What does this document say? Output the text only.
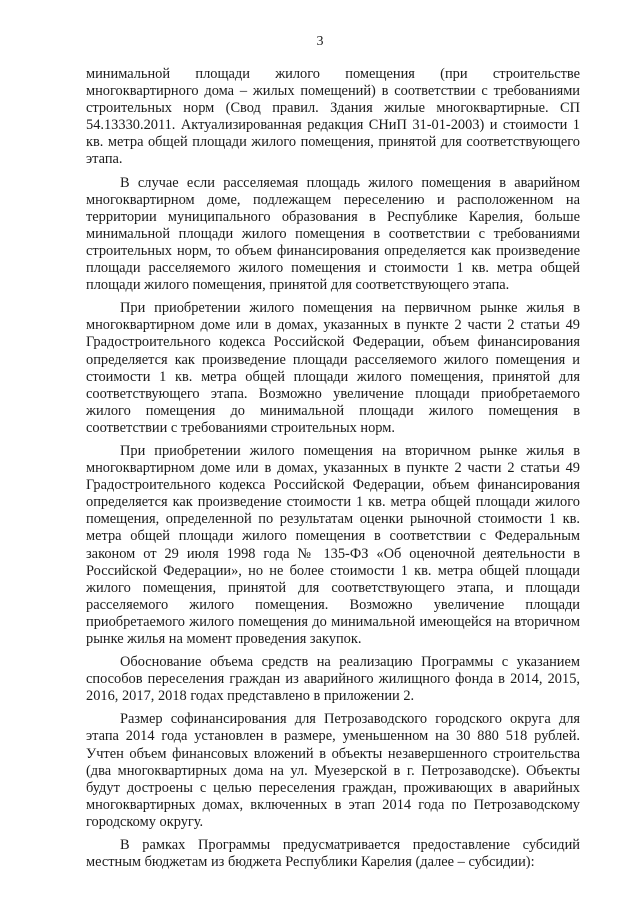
3

минимальной площади жилого помещения (при строительстве многоквартирного дома – жилых помещений) в соответствии с требованиями строительных норм (Свод правил. Здания жилые многоквартирные. СП 54.13330.2011. Актуализированная редакция СНиП 31-01-2003) и стоимости 1 кв. метра общей площади жилого помещения, принятой для соответствующего этапа.

В случае если расселяемая площадь жилого помещения в аварийном многоквартирном доме, подлежащем переселению и расположенном на территории муниципального образования в Республике Карелия, больше минимальной площади жилого помещения в соответствии с требованиями строительных норм, то объем финансирования определяется как произведение площади расселяемого жилого помещения и стоимости 1 кв. метра общей площади жилого помещения, принятой для соответствующего этапа.

При приобретении жилого помещения на первичном рынке жилья в многоквартирном доме или в домах, указанных в пункте 2 части 2 статьи 49 Градостроительного кодекса Российской Федерации, объем финансирования определяется как произведение площади расселяемого жилого помещения и стоимости 1 кв. метра общей площади жилого помещения, принятой для соответствующего этапа. Возможно увеличение площади приобретаемого жилого помещения до минимальной площади жилого помещения в соответствии с требованиями строительных норм.

При приобретении жилого помещения на вторичном рынке жилья в многоквартирном доме или в домах, указанных в пункте 2 части 2 статьи 49 Градостроительного кодекса Российской Федерации, объем финансирования определяется как произведение стоимости 1 кв. метра общей площади жилого помещения, определенной по результатам оценки рыночной стоимости 1 кв. метра общей площади жилого помещения в соответствии с Федеральным законом от 29 июля 1998 года № 135-ФЗ «Об оценочной деятельности в Российской Федерации», но не более стоимости 1 кв. метра общей площади жилого помещения, принятой для соответствующего этапа, и площади расселяемого жилого помещения. Возможно увеличение площади приобретаемого жилого помещения до минимальной имеющейся на вторичном рынке жилья на момент проведения закупок.

Обоснование объема средств на реализацию Программы с указанием способов переселения граждан из аварийного жилищного фонда в 2014, 2015, 2016, 2017, 2018 годах представлено в приложении 2.

Размер софинансирования для Петрозаводского городского округа для этапа 2014 года установлен в размере, уменьшенном на 30 880 518 рублей. Учтен объем финансовых вложений в объекты незавершенного строительства (два многоквартирных дома на ул. Муезерской в г. Петрозаводске). Объекты будут достроены с целью переселения граждан, проживающих в аварийных многоквартирных домах, включенных в этап 2014 года по Петрозаводскому городскому округу.

В рамках Программы предусматривается предоставление субсидий местным бюджетам из бюджета Республики Карелия (далее – субсидии):
